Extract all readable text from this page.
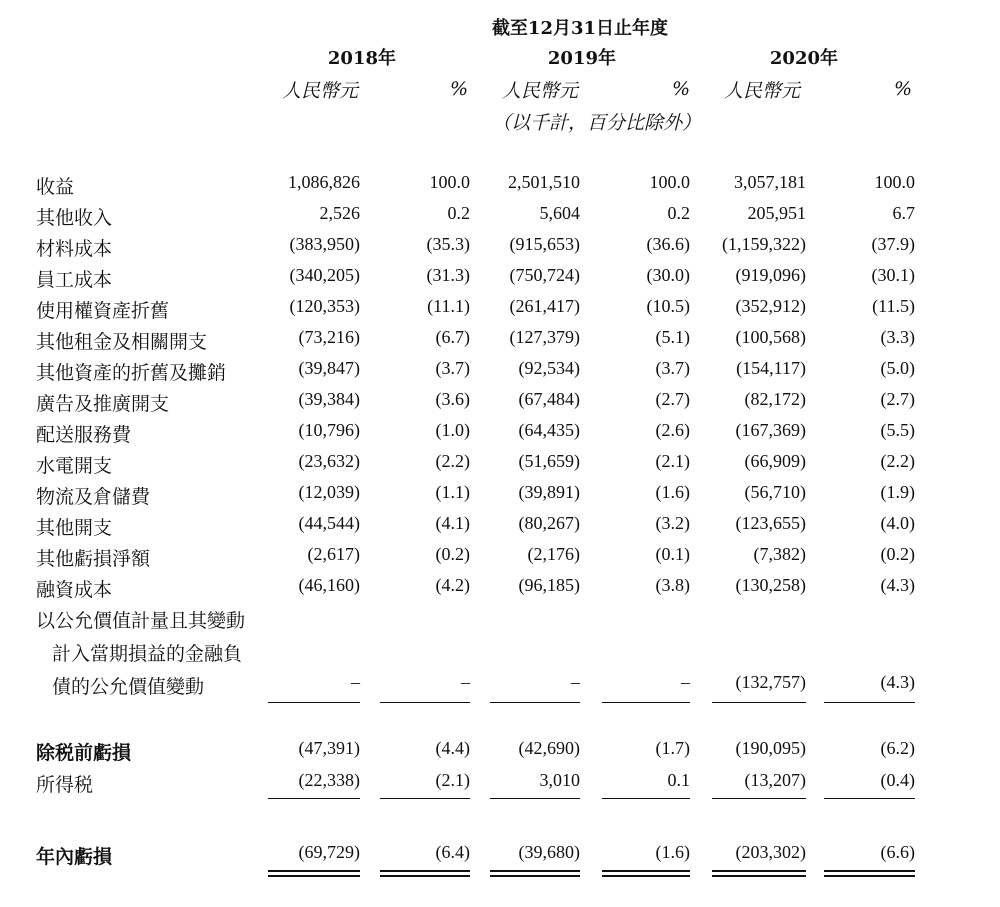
截至12月31日止年度
2018年	2019年	2020年
人民幣元	% 人民幣元	% 人民幣元	%
（以千計，百分比除外）
收益	1,086,826	100.0	2,501,510	100.0	3,057,181	100.0
其他收入	2,526	0.2	5,604	0.2	205,951	6.7
材料成本	(383,950)	(35.3)	(915,653)	(36.6)	(1,159,322)	(37.9)
員工成本	(340,205)	(31.3)	(750,724)	(30.0)	(919,096)	(30.1)
使用權資產折舊	(120,353)	(11.1)	(261,417)	(10.5)	(352,912)	(11.5)
其他租金及相關開支	(73,216)	(6.7)	(127,379)	(5.1)	(100,568)	(3.3)
其他資產的折舊及攤銷	(39,847)	(3.7)	(92,534)	(3.7)	(154,117)	(5.0)
廣告及推廣開支	(39,384)	(3.6)	(67,484)	(2.7)	(82,172)	(2.7)
配送服務費	(10,796)	(1.0)	(64,435)	(2.6)	(167,369)	(5.5)
水電開支	(23,632)	(2.2)	(51,659)	(2.1)	(66,909)	(2.2)
物流及倉儲費	(12,039)	(1.1)	(39,891)	(1.6)	(56,710)	(1.9)
其他開支	(44,544)	(4.1)	(80,267)	(3.2)	(123,655)	(4.0)
其他虧損淨額	(2,617)	(0.2)	(2,176)	(0.1)	(7,382)	(0.2)
融資成本	(46,160)	(4.2)	(96,185)	(3.8)	(130,258)	(4.3)
以公允價值計量且其變動
計入當期損益的金融負
債的公允價值變動	–	–	–	–	(132,757)	(4.3)
除税前虧損	(47,391)	(4.4)	(42,690)	(1.7)	(190,095)	(6.2)
所得税	(22,338)	(2.1)	3,010	0.1	(13,207)	(0.4)
年內虧損	(69,729)	(6.4)	(39,680)	(1.6)	(203,302)	(6.6)
